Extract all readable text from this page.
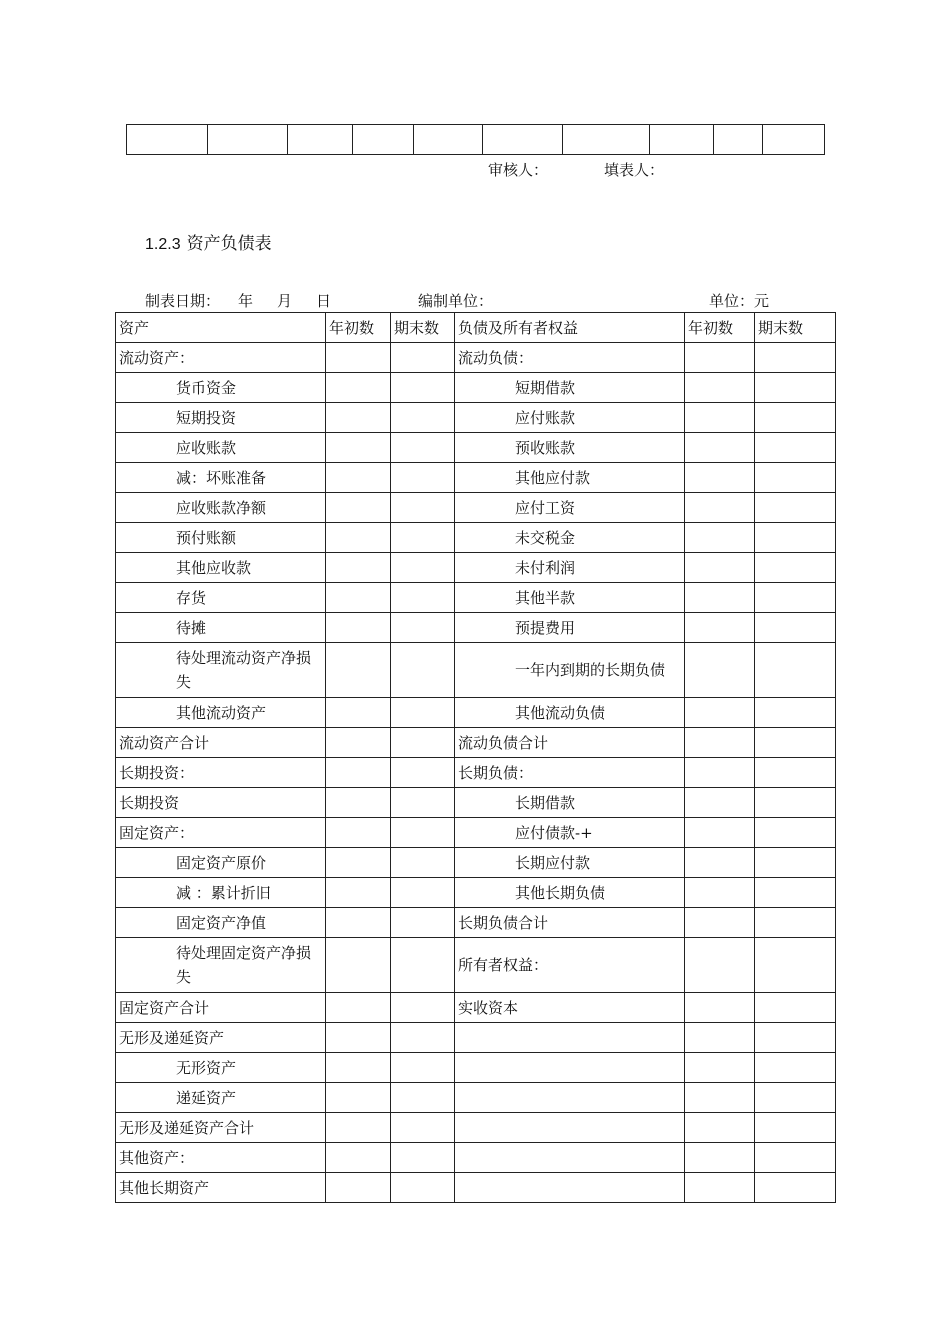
审核人：	填表人：
1.2.3 资产负债表
制表日期： 年 月 日	编制单位：	单位：元
资产	年初数	期末数	负债及所有者权益	年初数	期末数
流动资产：			流动负债：		
货币资金			短期借款		
短期投资			应付账款		
应收账款			预收账款		
减：坏账准备			其他应付款		
应收账款净额			应付工资		
预付账额			未交税金		
其他应收款			未付利润		
存货			其他半款		
待摊			预提费用		
待处理流动资产净损失			一年内到期的长期负债		
其他流动资产			其他流动负债		
流动资产合计			流动负债合计		
长期投资：			长期负债：		
长期投资			长期借款		
固定资产：			应付债款-+		
固定资产原价			长期应付款		
减 ：累计折旧			其他长期负债		
固定资产净值			长期负债合计		
待处理固定资产净损失			所有者权益：		
固定资产合计			实收资本		
无形及递延资产					
无形资产					
递延资产					
无形及递延资产合计					
其他资产：					
其他长期资产					
